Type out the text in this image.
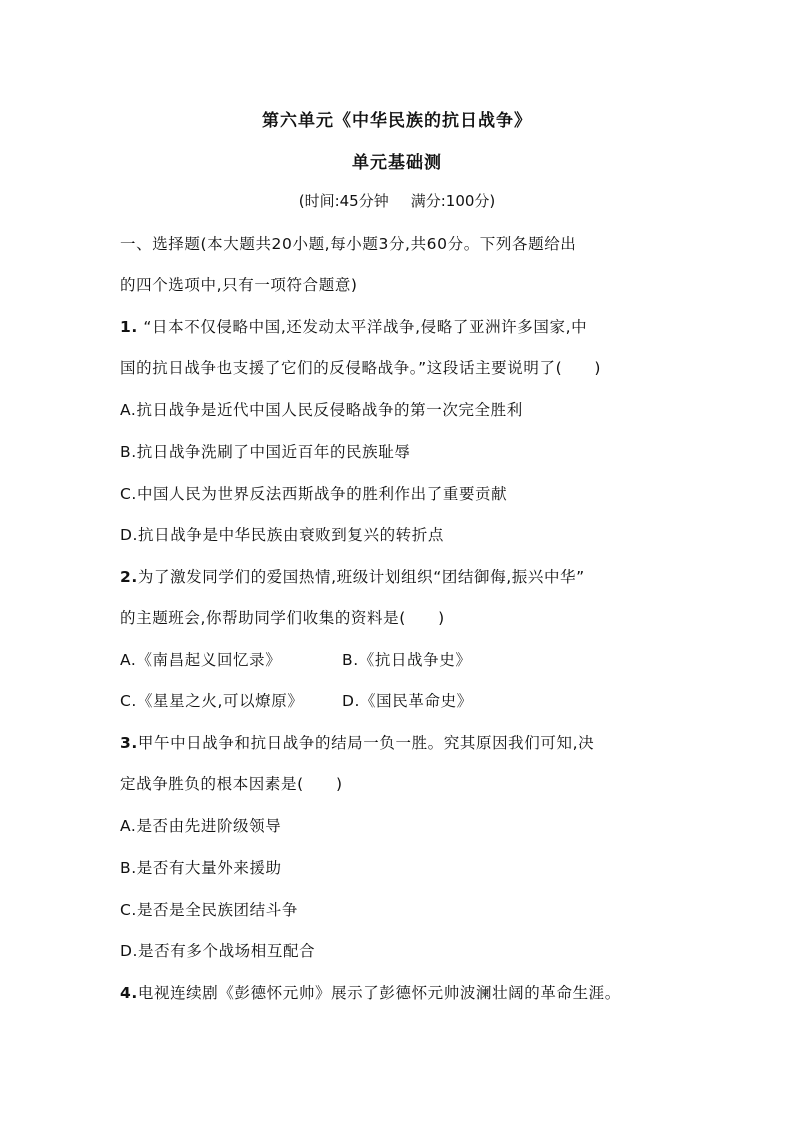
第六单元《中华民族的抗日战争》
单元基础测
(时间:45分钟 满分:100分)
一、选择题(本大题共20小题,每小题3分,共60分。下列各题给出
的四个选项中,只有一项符合题意)
1. “日本不仅侵略中国,还发动太平洋战争,侵略了亚洲许多国家,中
国的抗日战争也支援了它们的反侵略战争。”这段话主要说明了(　　)
A.抗日战争是近代中国人民反侵略战争的第一次完全胜利
B.抗日战争洗刷了中国近百年的民族耻辱
C.中国人民为世界反法西斯战争的胜利作出了重要贡献
D.抗日战争是中华民族由衰败到复兴的转折点
2.为了激发同学们的爱国热情,班级计划组织“团结御侮,振兴中华”
的主题班会,你帮助同学们收集的资料是(　　)
A.《南昌起义回忆录》	B.《抗日战争史》
C.《星星之火,可以燎原》 D.《国民革命史》
3.甲午中日战争和抗日战争的结局一负一胜。究其原因我们可知,决
定战争胜负的根本因素是(　　)
A.是否由先进阶级领导
B.是否有大量外来援助
C.是否是全民族团结斗争
D.是否有多个战场相互配合
4.电视连续剧《彭德怀元帅》展示了彭德怀元帅波澜壮阔的革命生涯。
